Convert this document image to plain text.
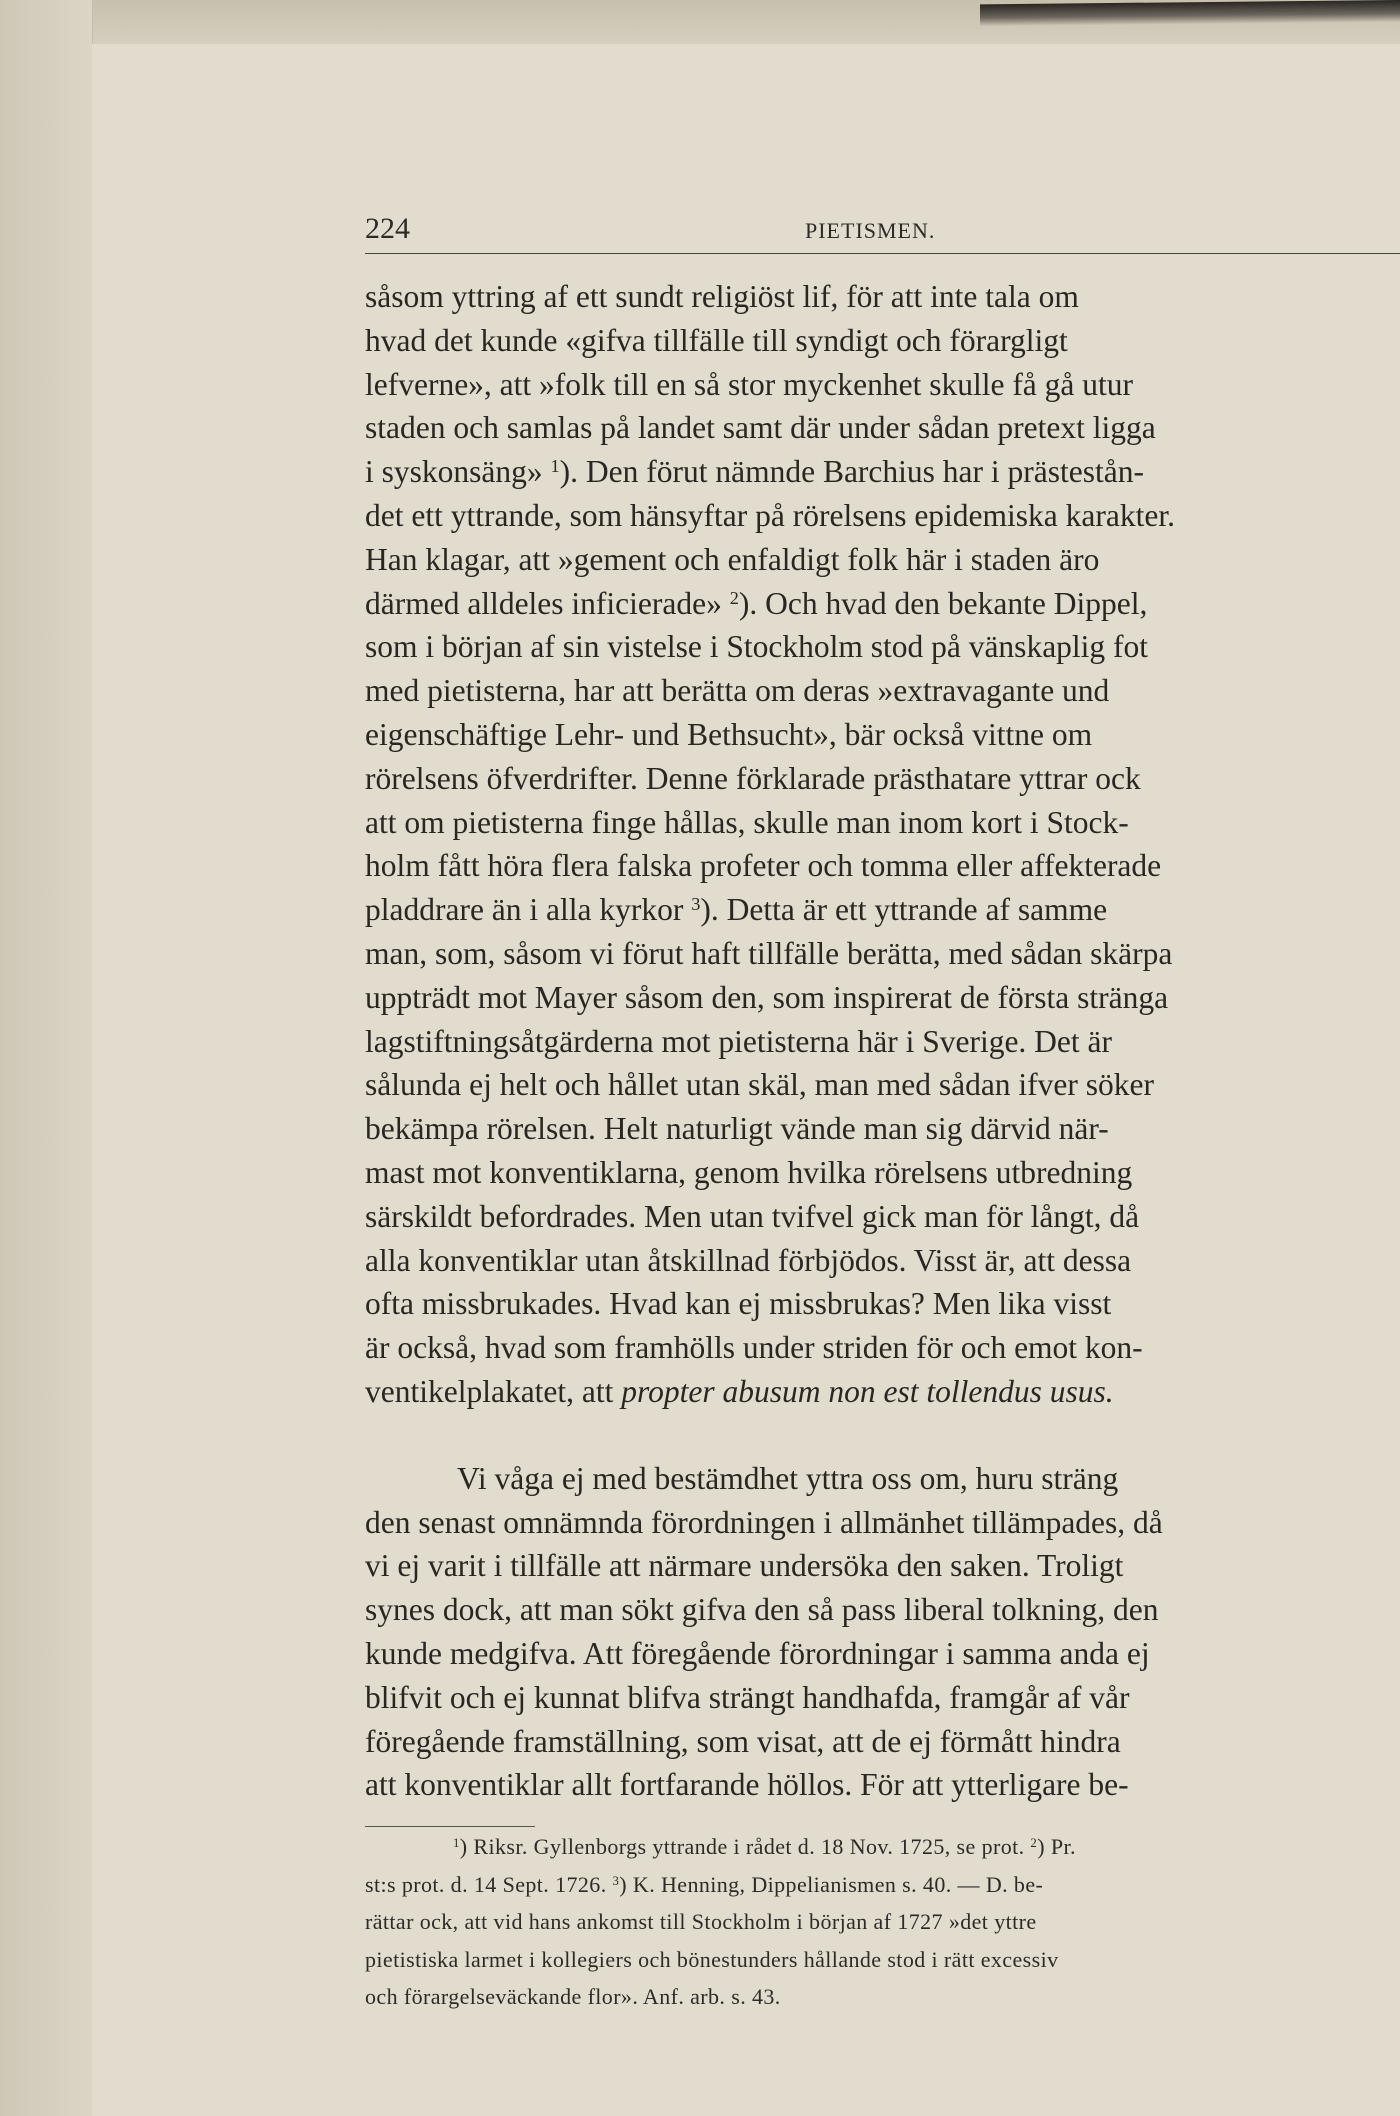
224	PIETISMEN.
såsom yttring af ett sundt religiöst lif, för att inte tala om
hvad det kunde «gifva tillfälle till syndigt och förargligt
lefverne», att »folk till en så stor myckenhet skulle få gå utur
staden och samlas på landet samt där under sådan pretext ligga
i syskonsäng» $^1$). Den förut nämnde Barchius har i prästestån-
det ett yttrande, som hänsyftar på rörelsens epidemiska karakter.
Han klagar, att »gement och enfaldigt folk här i staden äro
därmed alldeles inficierade» $^2$). Och hvad den bekante Dippel,
som i början af sin vistelse i Stockholm stod på vänskaplig fot
med pietisterna, har att berätta om deras »extravagante und
eigenschäftige Lehr- und Bethsucht», bär också vittne om
rörelsens öfverdrifter. Denne förklarade prästhatare yttrar ock
att om pietisterna finge hållas, skulle man inom kort i Stock-
holm fått höra flera falska profeter och tomma eller affekterade
pladdrare än i alla kyrkor $^3$). Detta är ett yttrande af samme
man, som, såsom vi förut haft tillfälle berätta, med sådan skärpa
uppträdt mot Mayer såsom den, som inspirerat de första stränga
lagstiftningsåtgärderna mot pietisterna här i Sverige. Det är
sålunda ej helt och hållet utan skäl, man med sådan ifver söker
bekämpa rörelsen. Helt naturligt vände man sig därvid när-
mast mot konventiklarna, genom hvilka rörelsens utbredning
särskildt befordrades. Men utan tvifvel gick man för långt, då
alla konventiklar utan åtskillnad förbjödos. Visst är, att dessa
ofta missbrukades. Hvad kan ej missbrukas? Men lika visst
är också, hvad som framhölls under striden för och emot kon-
ventikelplakatet, att propter abusum non est tollendus usus.
Vi våga ej med bestämdhet yttra oss om, huru sträng
den senast omnämnda förordningen i allmänhet tillämpades, då
vi ej varit i tillfälle att närmare undersöka den saken. Troligt
synes dock, att man sökt gifva den så pass liberal tolkning, den
kunde medgifva. Att föregående förordningar i samma anda ej
blifvit och ej kunnat blifva strängt handhafda, framgår af vår
föregående framställning, som visat, att de ej förmått hindra
att konventiklar allt fortfarande höllos. För att ytterligare be-
$^1$) Riksr. Gyllenborgs yttrande i rådet d. 18 Nov. 1725, se prot. $^2$) Pr.
st:s prot. d. 14 Sept. 1726. $^3$) K. Henning, Dippelianismen s. 40. — D. be-
rättar ock, att vid hans ankomst till Stockholm i början af 1727 »det yttre
pietistiska larmet i kollegiers och bönestunders hållande stod i rätt excessiv
och förargelseväckande flor». Anf. arb. s. 43.
